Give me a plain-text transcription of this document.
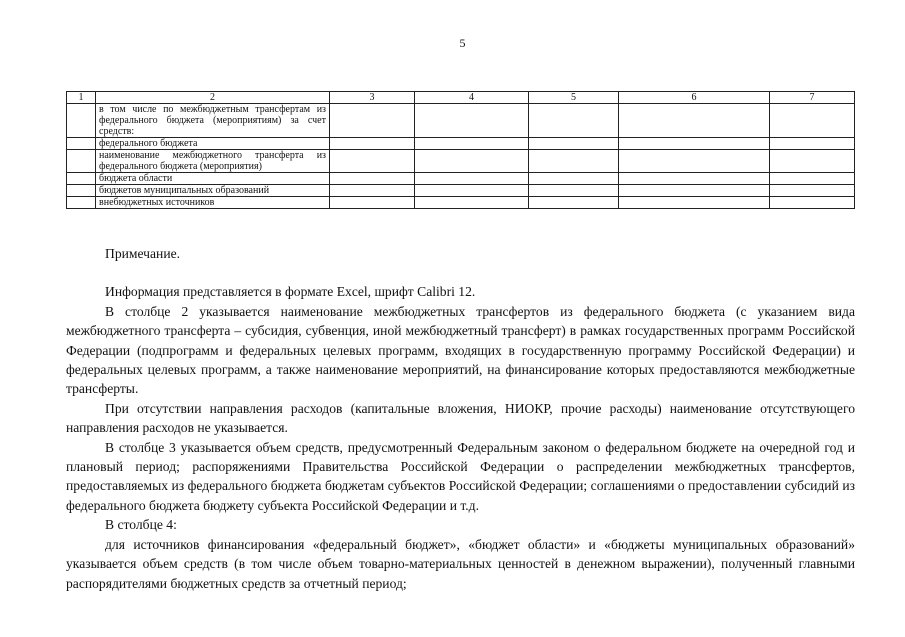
5
1	2	3	4	5	6	7
	в том числе по межбюджетным трансфертам из федерального бюджета (мероприятиям) за счет средств:					
	федерального бюджета					
	наименование межбюджетного трансферта из федерального бюджета (мероприятия)					
	бюджета области					
	бюджетов муниципальных образований					
	внебюджетных источников					

Примечание.

Информация представляется в формате Excel, шрифт Calibri 12.

В столбце 2 указывается наименование межбюджетных трансфертов из федерального бюджета (с указанием вида межбюджетного трансферта – субсидия, субвенция, иной межбюджетный трансферт) в рамках государственных программ Российской Федерации (подпрограмм и федеральных целевых программ, входящих в государственную программу Российской Федерации) и федеральных целевых программ, а также наименование мероприятий, на финансирование которых предоставляются межбюджетные трансферты.

При отсутствии направления расходов (капитальные вложения, НИОКР, прочие расходы) наименование отсутствующего направления расходов не указывается.

В столбце 3 указывается объем средств, предусмотренный Федеральным законом о федеральном бюджете на очередной год и плановый период; распоряжениями Правительства Российской Федерации о распределении межбюджетных трансфертов, предоставляемых из федерального бюджета бюджетам субъектов Российской Федерации; соглашениями о предоставлении субсидий из федерального бюджета бюджету субъекта Российской Федерации и т.д.

В столбце 4:

для источников финансирования «федеральный бюджет», «бюджет области» и «бюджеты муниципальных образований» указывается объем средств (в том числе объем товарно-материальных ценностей в денежном выражении), полученный главными распорядителями бюджетных средств за отчетный период;
